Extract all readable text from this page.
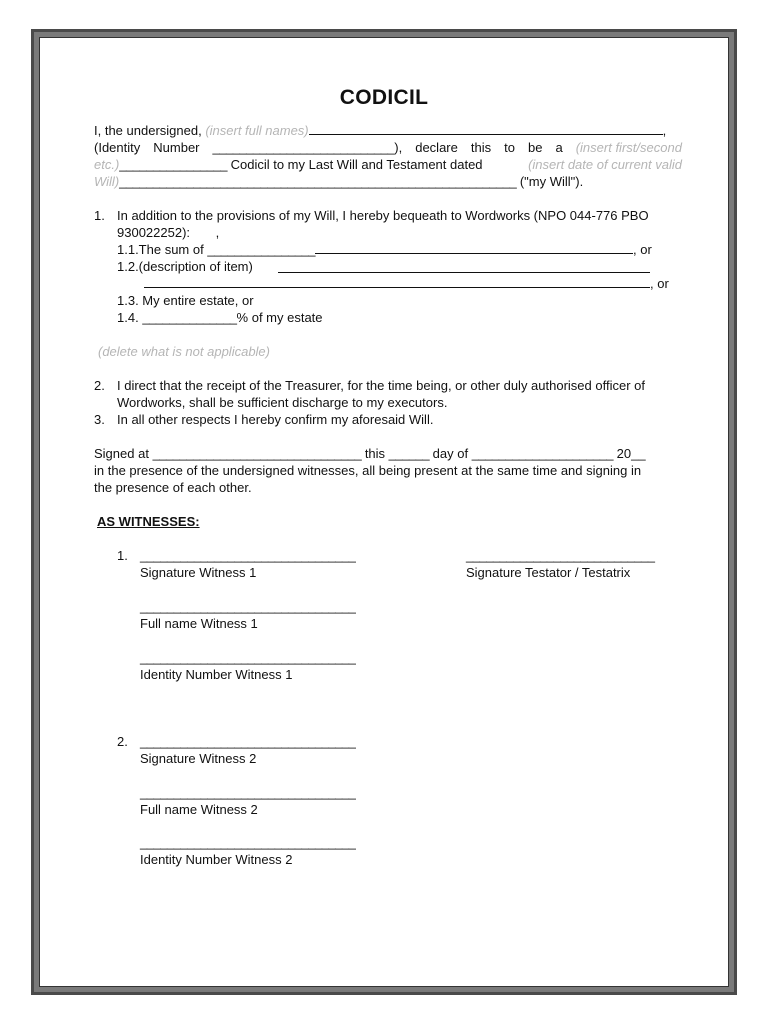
CODICIL
I, the undersigned, (insert full names)	,
(Identity Number ___________________________), declare this to be a (insert first/second
etc.)________________ Codicil to my Last Will and Testament dated	(insert date of current valid
Will)___________________________________________________________ ("my Will").
1. In addition to the provisions of my Will, I hereby bequeath to Wordworks (NPO 044-776 PBO
930022252): ,
1.1.The sum of ________________	, or
1.2.(description of item)
, or
1.3. My entire estate, or
1.4. ______________% of my estate
(delete what is not applicable)
2. I direct that the receipt of the Treasurer, for the time being, or other duly authorised officer of
Wordworks, shall be sufficient discharge to my executors.
3. In all other respects I hereby confirm my aforesaid Will.
Signed at _______________________________ this ______ day of _____________________ 20__
in the presence of the undersigned witnesses, all being present at the same time and signing in
the presence of each other.
AS WITNESSES:
1. ________________________________
Signature Witness 1
____________________________
Signature Testator / Testatrix
________________________________
Full name Witness 1
________________________________
Identity Number Witness 1
2. ________________________________
Signature Witness 2
________________________________
Full name Witness 2
________________________________
Identity Number Witness 2
